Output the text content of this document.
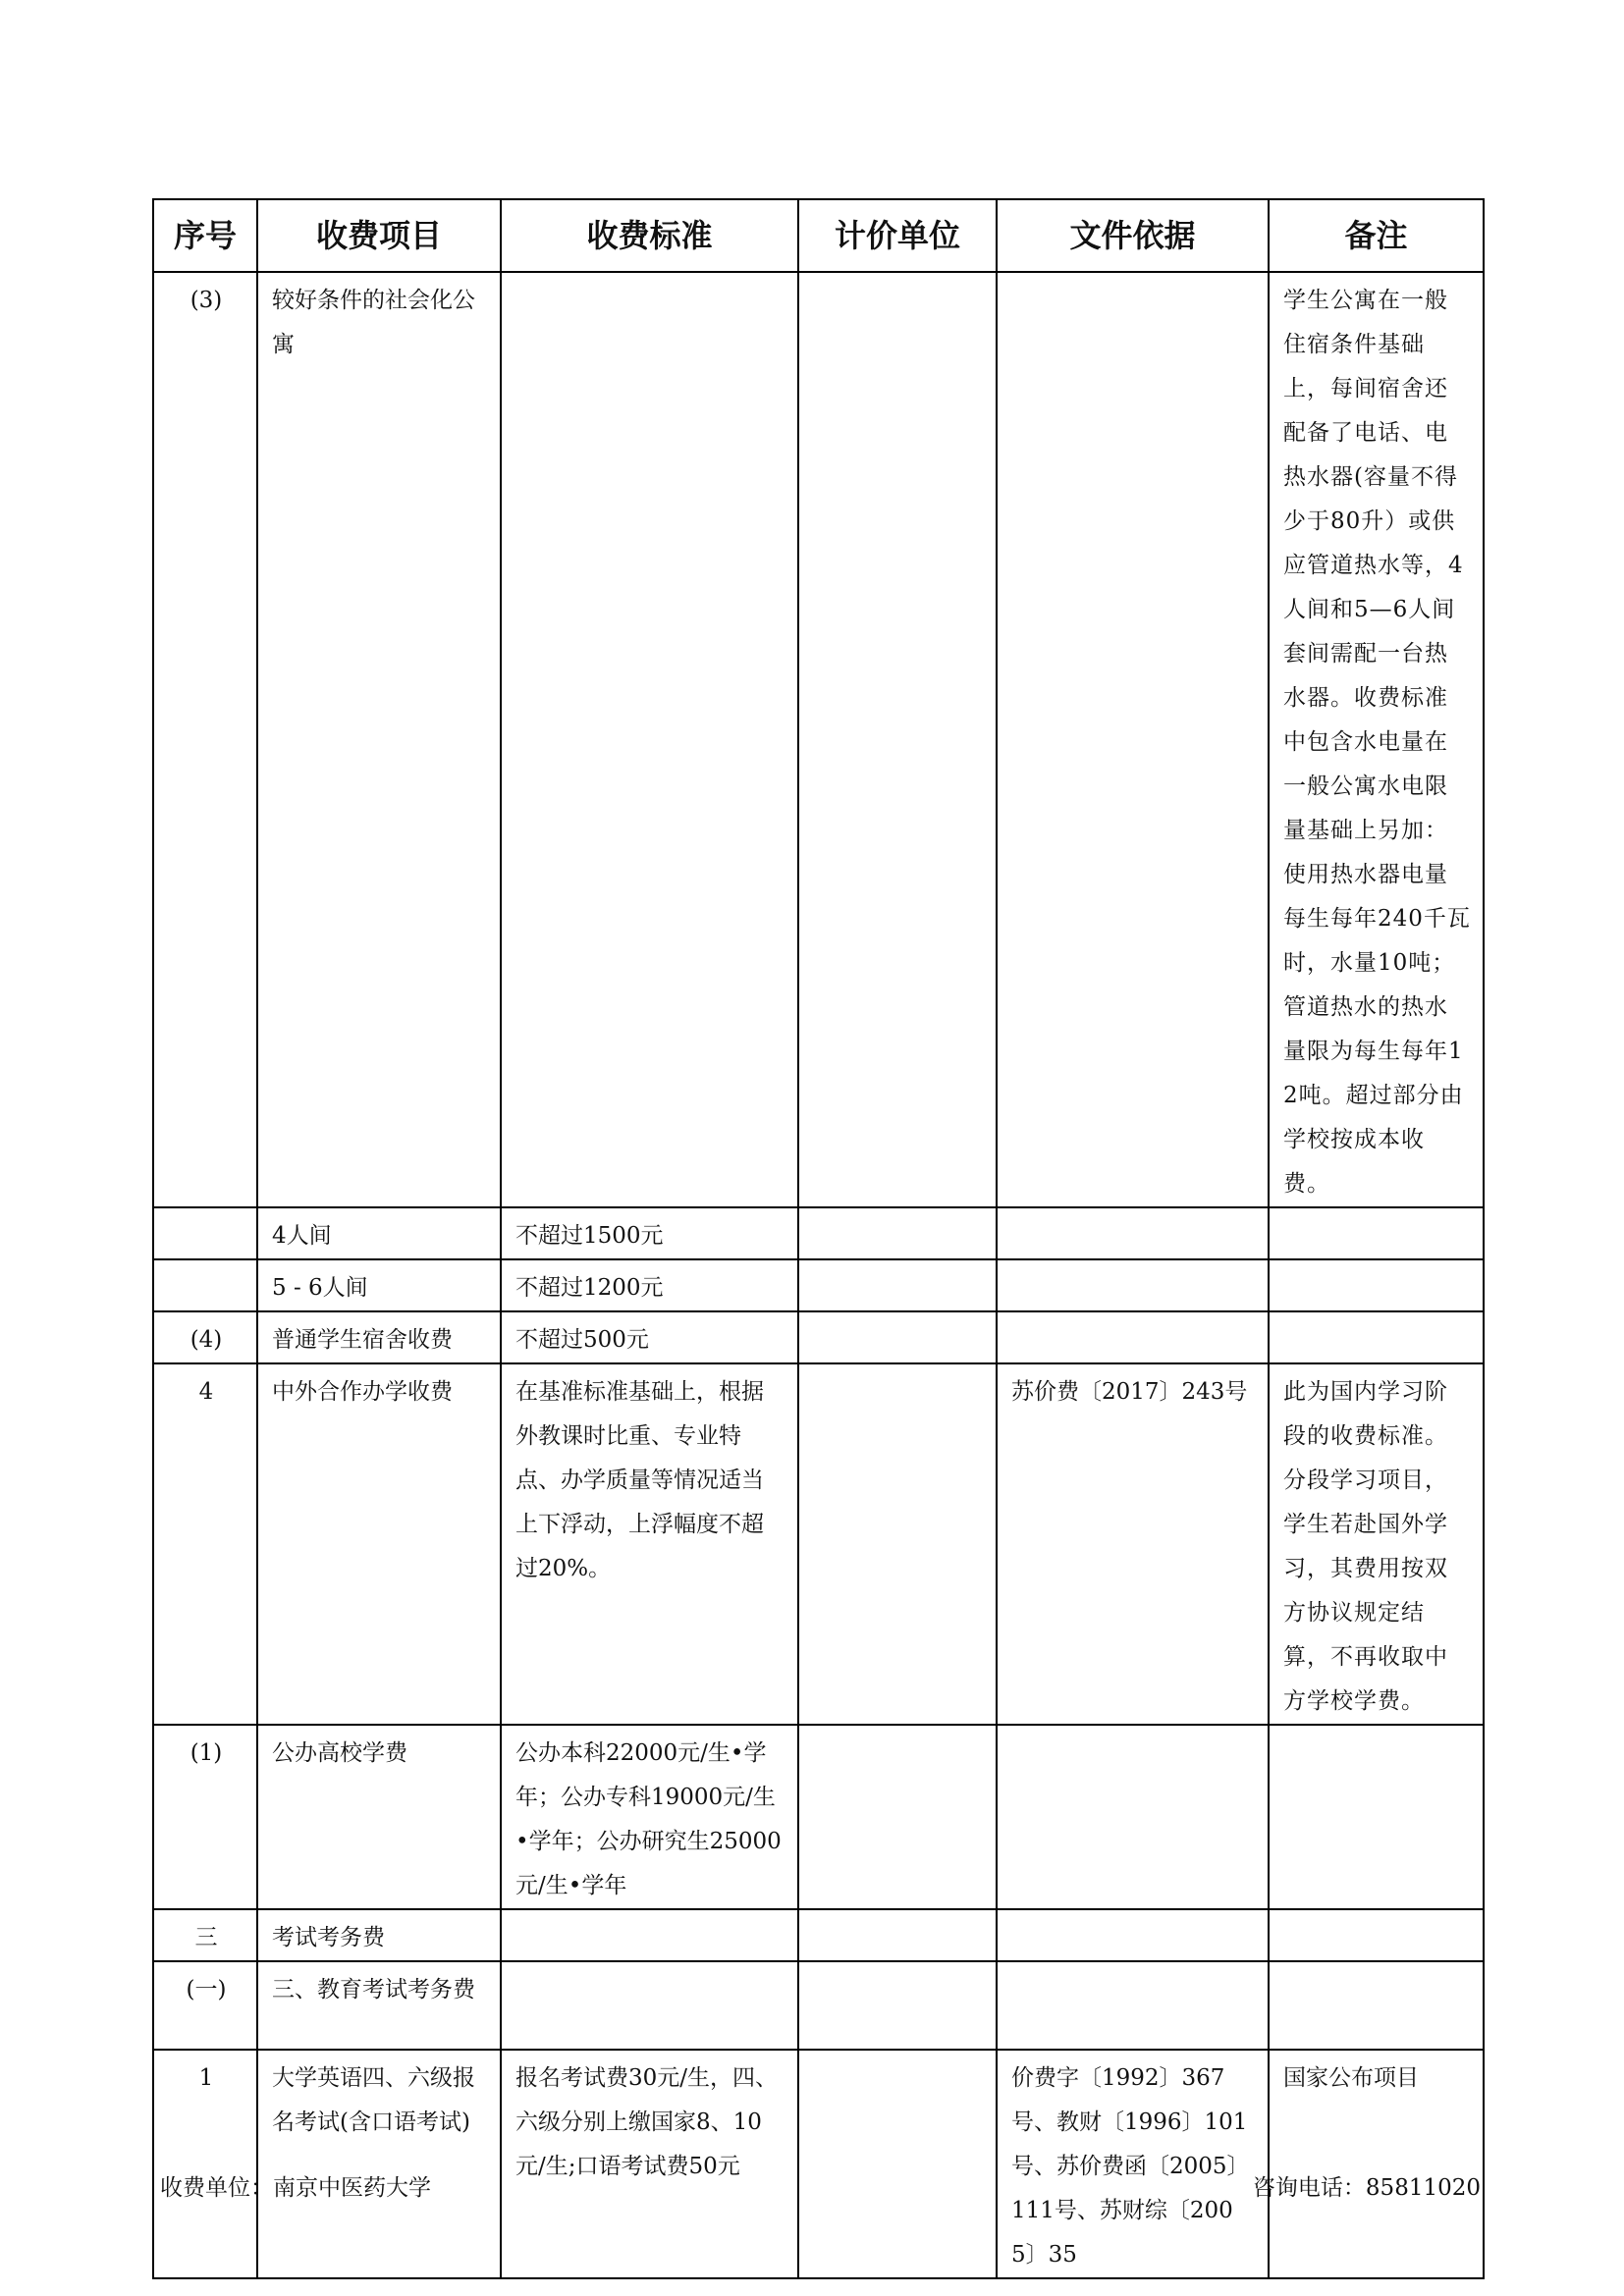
序号	收费项目	收费标准	计价单位	文件依据	备注
(3)	较好条件的社会化公寓				学生公寓在一般住宿条件基础上，每间宿舍还配备了电话、电热水器(容量不得少于80升）或供应管道热水等，4人间和5—6人间套间需配一台热水器。收费标准中包含水电量在一般公寓水电限量基础上另加：使用热水器电量每生每年240千瓦时，水量10吨；管道热水的热水量限为每生每年12吨。超过部分由学校按成本收费。
	4人间	不超过1500元			
	5 - 6人间	不超过1200元			
(4)	普通学生宿舍收费	不超过500元			
4	中外合作办学收费	在基准标准基础上，根据外教课时比重、专业特点、办学质量等情况适当上下浮动，上浮幅度不超过20%。		苏价费〔2017〕243号	此为国内学习阶段的收费标准。分段学习项目，学生若赴国外学习，其费用按双方协议规定结算，不再收取中方学校学费。
(1)	公办高校学费	公办本科22000元/生•学年；公办专科19000元/生•学年；公办研究生25000元/生•学年			
三	考试考务费				
(一)	三、教育考试考务费				
1	大学英语四、六级报名考试(含口语考试)	报名考试费30元/生，四、六级分别上缴国家8、10元/生;口语考试费50元		价费字〔1992〕367号、教财〔1996〕101号、苏价费函〔2005〕111号、苏财综〔2005〕35	国家公布项目
收费单位：南京中医药大学	咨询电话：85811020
